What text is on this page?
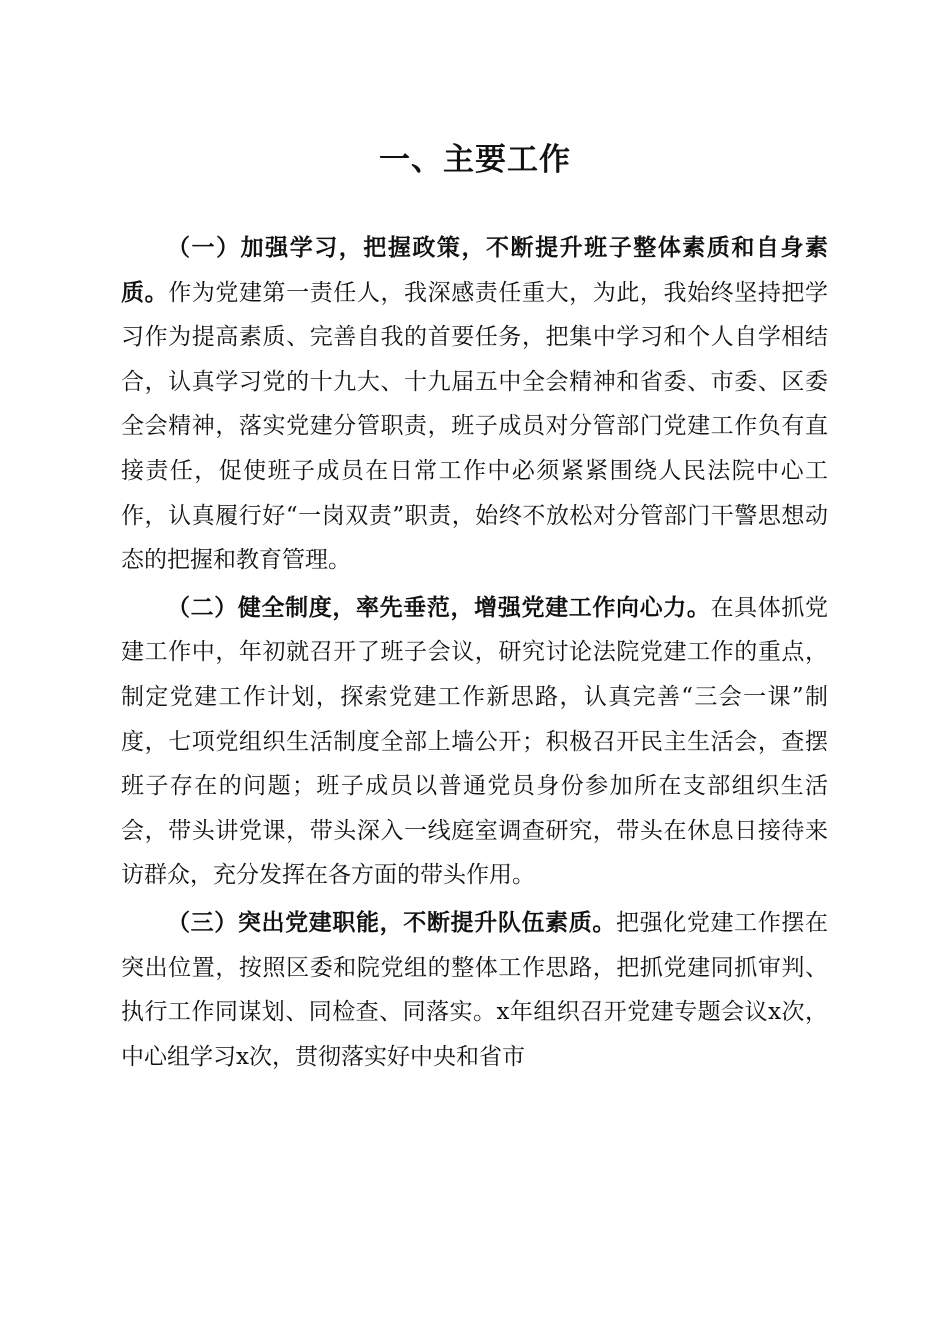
一、主要工作

（一）加强学习，把握政策，不断提升班子整体素质和自身素质。作为党建第一责任人，我深感责任重大，为此，我始终坚持把学习作为提高素质、完善自我的首要任务，把集中学习和个人自学相结合，认真学习党的十九大、十九届五中全会精神和省委、市委、区委全会精神，落实党建分管职责，班子成员对分管部门党建工作负有直接责任，促使班子成员在日常工作中必须紧紧围绕人民法院中心工作，认真履行好“一岗双责”职责，始终不放松对分管部门干警思想动态的把握和教育管理。

（二）健全制度，率先垂范，增强党建工作向心力。在具体抓党建工作中，年初就召开了班子会议，研究讨论法院党建工作的重点，制定党建工作计划，探索党建工作新思路，认真完善“三会一课”制度，七项党组织生活制度全部上墙公开；积极召开民主生活会，查摆班子存在的问题；班子成员以普通党员身份参加所在支部组织生活会，带头讲党课，带头深入一线庭室调查研究，带头在休息日接待来访群众，充分发挥在各方面的带头作用。

（三）突出党建职能，不断提升队伍素质。把强化党建工作摆在突出位置，按照区委和院党组的整体工作思路，把抓党建同抓审判、执行工作同谋划、同检查、同落实。x年组织召开党建专题会议x次，中心组学习x次，贯彻落实好中央和省市
